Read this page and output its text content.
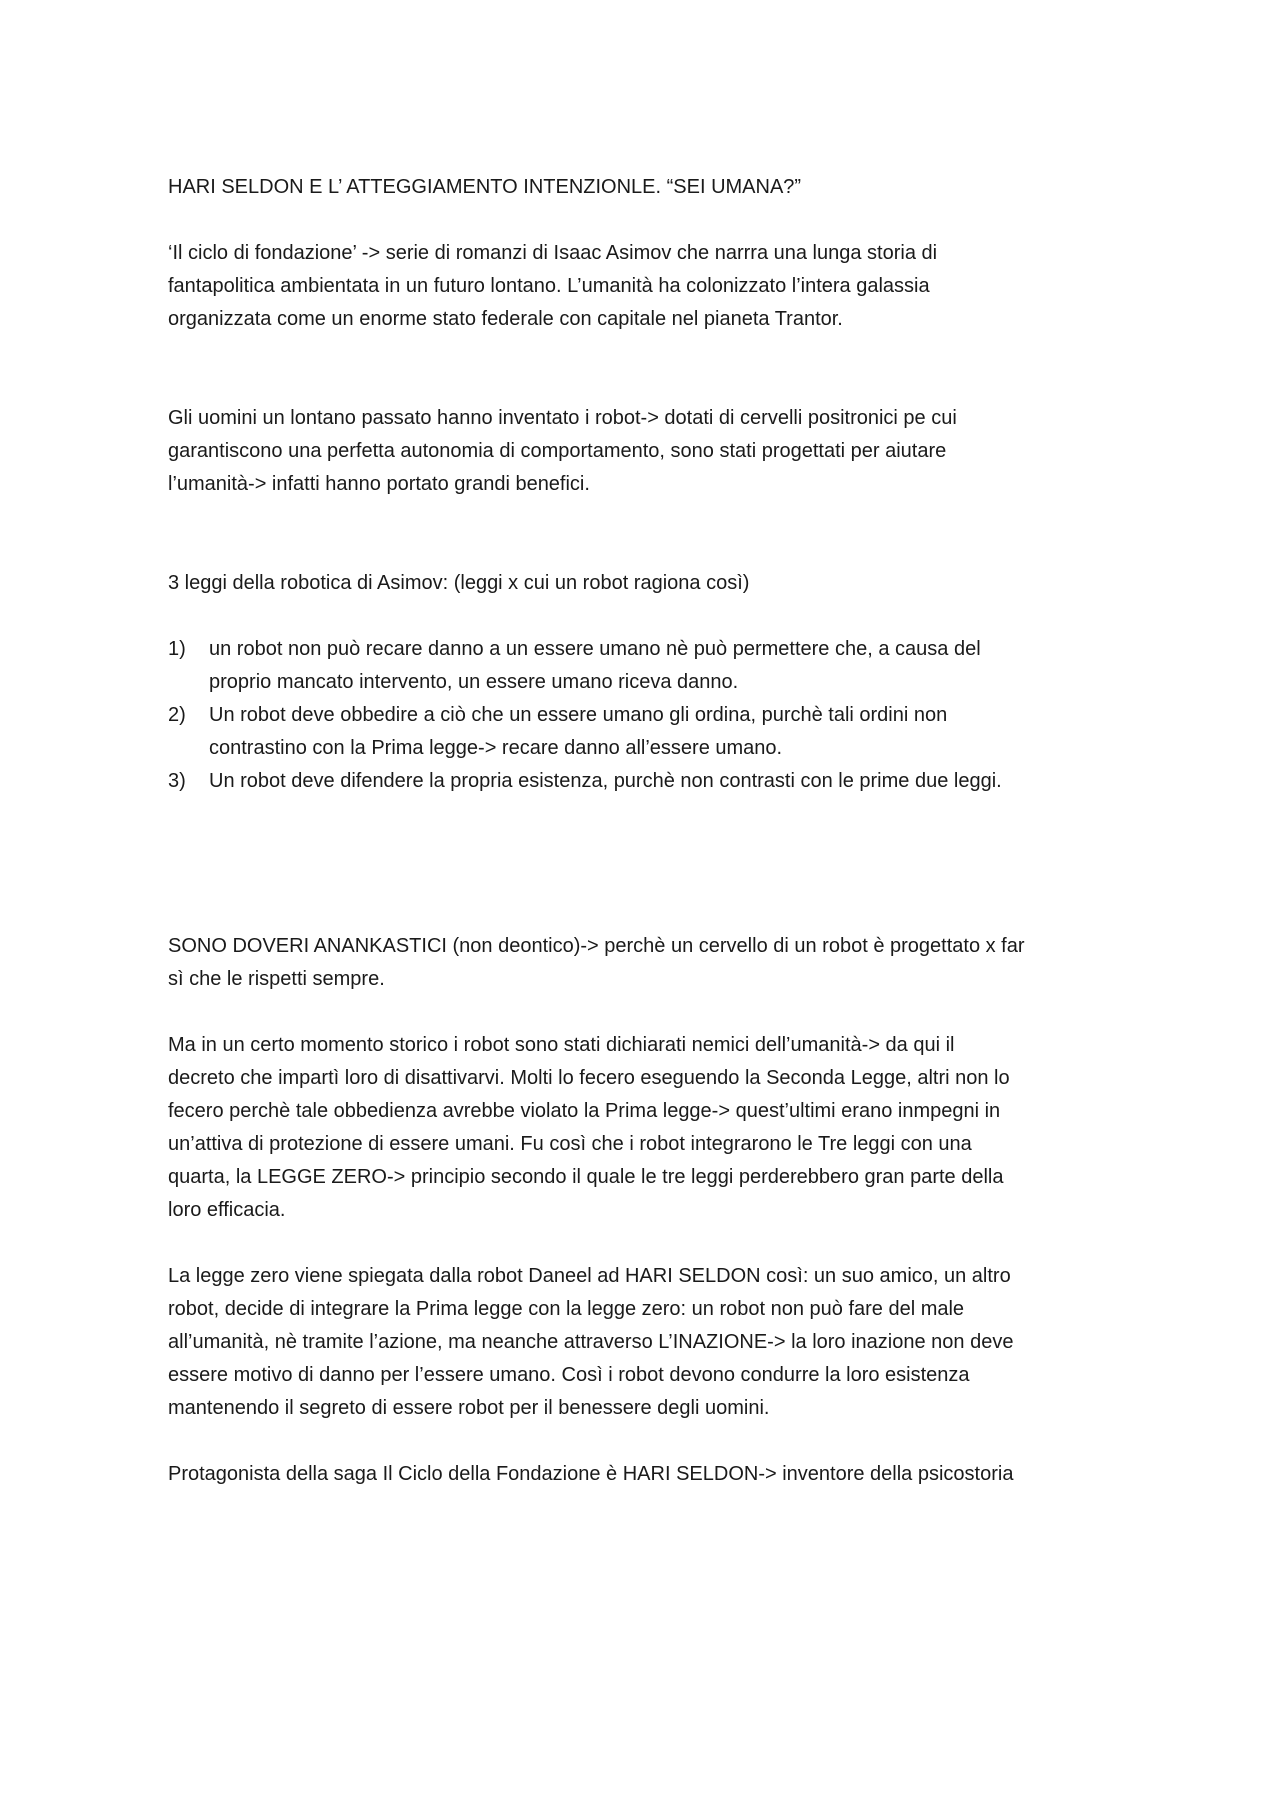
HARI SELDON E L’ ATTEGGIAMENTO INTENZIONLE. “SEI UMANA?”

‘Il ciclo di fondazione’ -> serie di romanzi di Isaac Asimov che narrra una lunga storia di
fantapolitica ambientata in un futuro lontano. L’umanità ha colonizzato l’intera galassia
organizzata come un enorme stato federale con capitale nel pianeta Trantor.

Gli uomini un lontano passato hanno inventato i robot-> dotati di cervelli positronici pe cui
garantiscono una perfetta autonomia di comportamento, sono stati progettati per aiutare
l’umanità-> infatti hanno portato grandi benefici.

3 leggi della robotica di Asimov: (leggi x cui un robot ragiona così)

1) un robot non può recare danno a un essere umano nè può permettere che, a causa del
proprio mancato intervento, un essere umano riceva danno.

2) Un robot deve obbedire a ciò che un essere umano gli ordina, purchè tali ordini non
contrastino con la Prima legge-> recare danno all’essere umano.

3) Un robot deve difendere la propria esistenza, purchè non contrasti con le prime due leggi.

SONO DOVERI ANANKASTICI (non deontico)-> perchè un cervello di un robot è progettato x far
sì che le rispetti sempre.

Ma in un certo momento storico i robot sono stati dichiarati nemici dell’umanità-> da qui il
decreto che impartì loro di disattivarvi. Molti lo fecero eseguendo la Seconda Legge, altri non lo
fecero perchè tale obbedienza avrebbe violato la Prima legge-> quest’ultimi erano inmpegni in
un’attiva di protezione di essere umani. Fu così che i robot integrarono le Tre leggi con una
quarta, la LEGGE ZERO-> principio secondo il quale le tre leggi perderebbero gran parte della
loro efficacia.

La legge zero viene spiegata dalla robot Daneel ad HARI SELDON così: un suo amico, un altro
robot, decide di integrare la Prima legge con la legge zero: un robot non può fare del male
all’umanità, nè tramite l’azione, ma neanche attraverso L’INAZIONE-> la loro inazione non deve
essere motivo di danno per l’essere umano. Così i robot devono condurre la loro esistenza
mantenendo il segreto di essere robot per il benessere degli uomini.

Protagonista della saga Il Ciclo della Fondazione è HARI SELDON-> inventore della psicostoria
